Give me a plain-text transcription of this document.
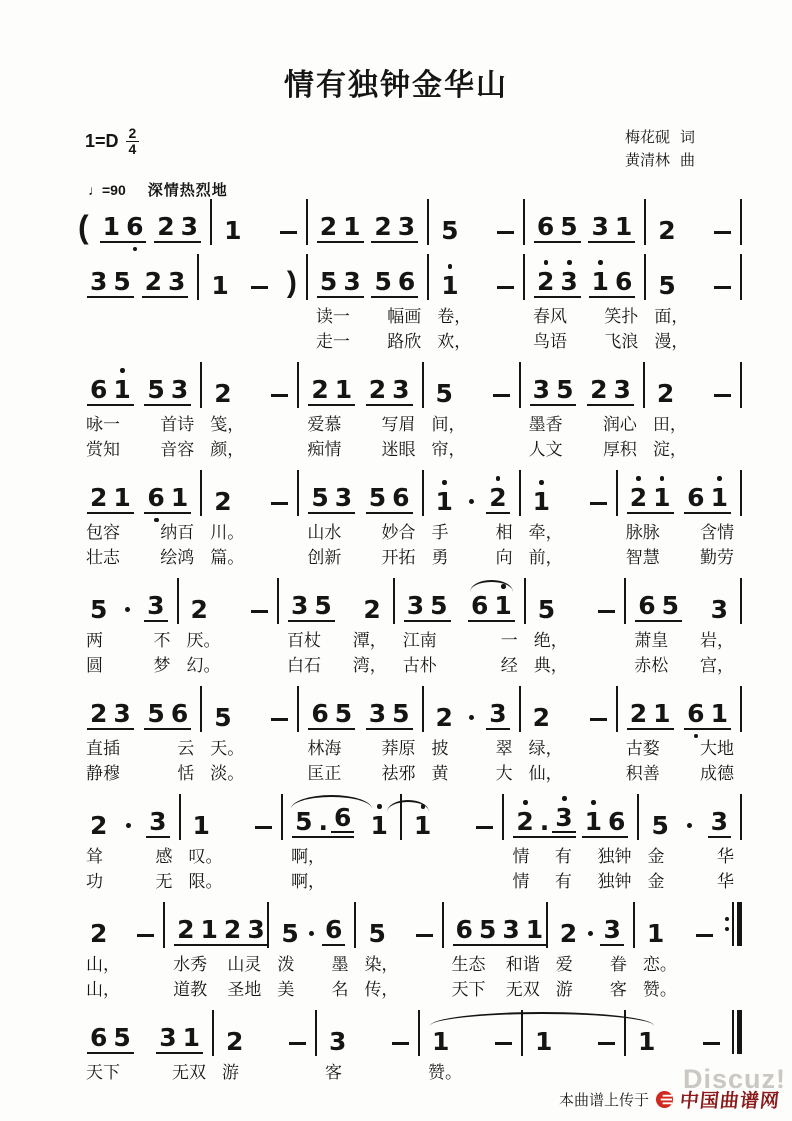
情有独钟金华山
$1=D \frac{2}{4}$	梅花砚 词
黄清林 曲
♩=90 深情热烈地
( 1 6 2 3 1	2 1 2 3 5	6 5 3 1 2
3 5 2 3 1 ) 5 3 5 6
读一 幅画
走一 路欣
1
卷，
欢，
2 3 1 6
春风 笑扑
鸟语 飞浪
5
面，
漫，
6 1 5 3
咏一 首诗
赏知 音容
2
笺，
颜，
2 1 2 3
爱慕 写眉
痴情 迷眼
5
间，
帘，
3 5 2 3
墨香 润心
人文 厚积
2
田，
淀，
2 1 6 1
包容 纳百
壮志 绘鸿
2
川。
篇。
5 3 5 6
山水 妙合
创新 开拓
1 2
手	相
勇	向
1
牵，
前，
2 1 6 1
脉脉 含情
智慧 勤劳
5 3
两	不
圆	梦
2
厌。
幻。
3 5 2
百杖 潭，
白石 湾，
3 5 6 1
江南	一
古朴	经
5
绝，
典，
6 5 3
萧皇 岩，
赤松 宫，
2 3 5 6
直插	云
静穆	恬
5
天。
淡。
6 5 3 5
林海 莽原
匡正 祛邪
2 3
披	翠
黄	大
2
绿，
仙，
2 1 6 1
古婺 大地
积善 成德
2 3
耸	感
功	无
1
叹。
限。
5 . 6 1
啊，
啊，
1	2 . 3 1 6
情 有 独钟
情 有 独钟
5 3
金	华
金	华
2
山，
山，
2 1 2 3
水秀 山灵
道教 圣地
5 6
泼 墨
美 名
5
染，
传，
6 5 3 1
生态 和谐
天下 无双
2 3
爱 眷
游 客
1
恋。
赞。
6 5 3 1
天下	无双
2
游
3
客
1
赞。
1	1
Discuz!
本曲谱上传于 中国曲谱网
